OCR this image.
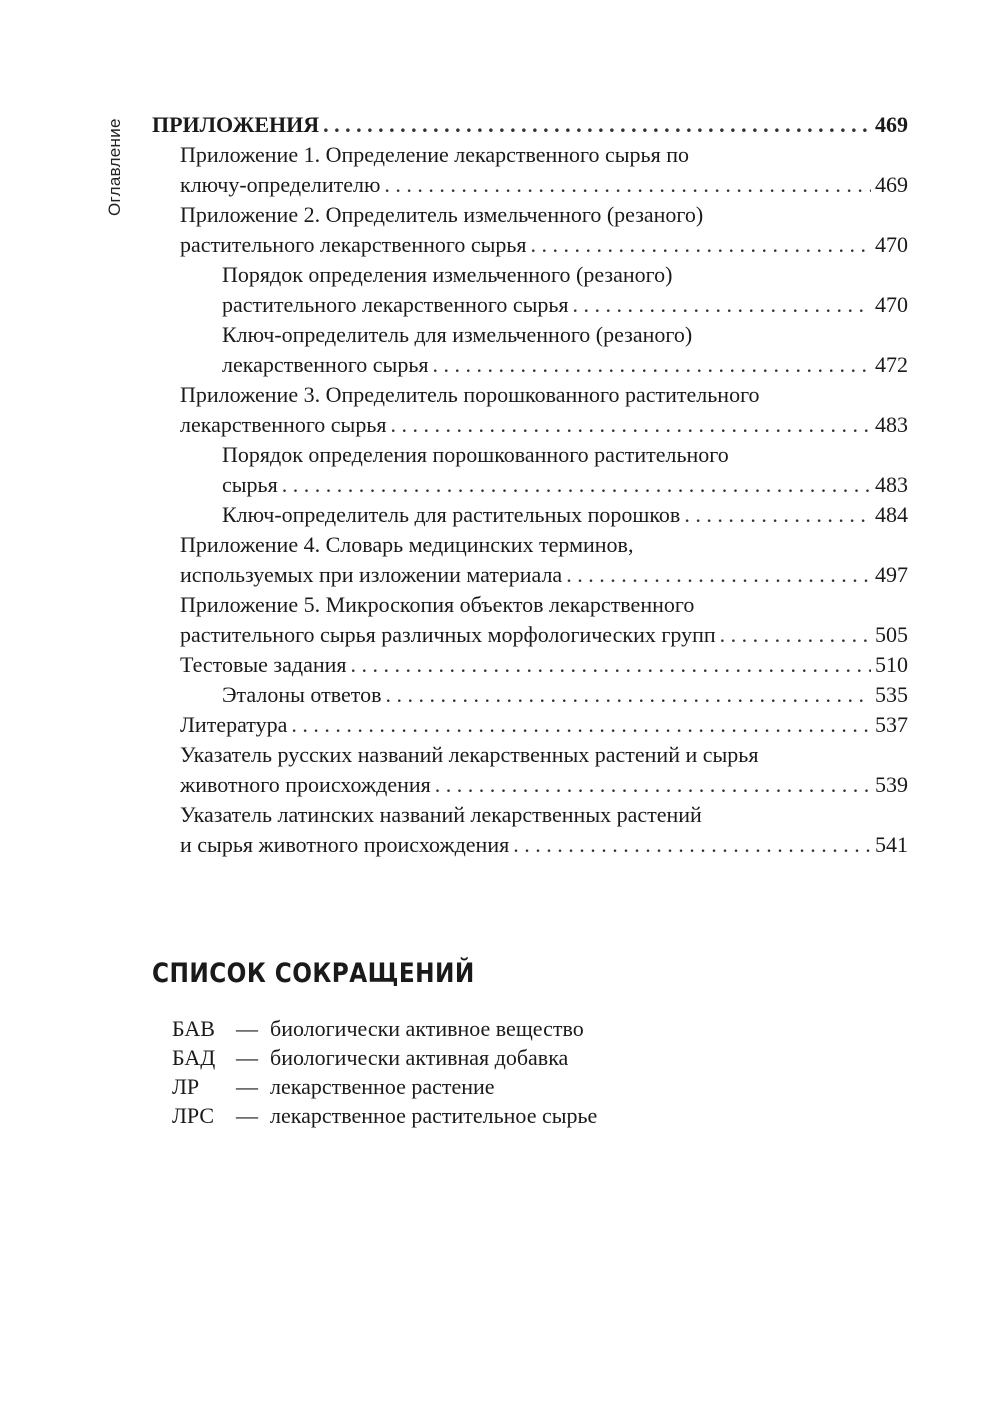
Оглавление	ПРИЛОЖЕНИЯ . . .	469
Приложение 1. Определение лекарственного сырья по
ключу-определителю . . .	469
Приложение 2. Определитель измельченного (резаного)
растительного лекарственного сырья . . .	470
Порядок определения измельченного (резаного)
растительного лекарственного сырья . . .	470
Ключ-определитель для измельченного (резаного)
лекарственного сырья . . .	472
Приложение 3. Определитель порошкованного растительного
лекарственного сырья . . .	483
Порядок определения порошкованного растительного
сырья . . .	483
Ключ-определитель для растительных порошков . . .	484
Приложение 4. Словарь медицинских терминов,
используемых при изложении материала . . .	497
Приложение 5. Микроскопия объектов лекарственного
растительного сырья различных морфологических групп . . .	505
Тестовые задания . . .	510
Эталоны ответов . . .	535
Литература . . .	537
Указатель русских названий лекарственных растений и сырья
животного происхождения . . .	539
Указатель латинских названий лекарственных растений
и сырья животного происхождения . . .	541
СПИСОК СОКРАЩЕНИЙ
БАВ — биологически активное вещество
БАД — биологически активная добавка
ЛР	— лекарственное растение
ЛРС — лекарственное растительное сырье
